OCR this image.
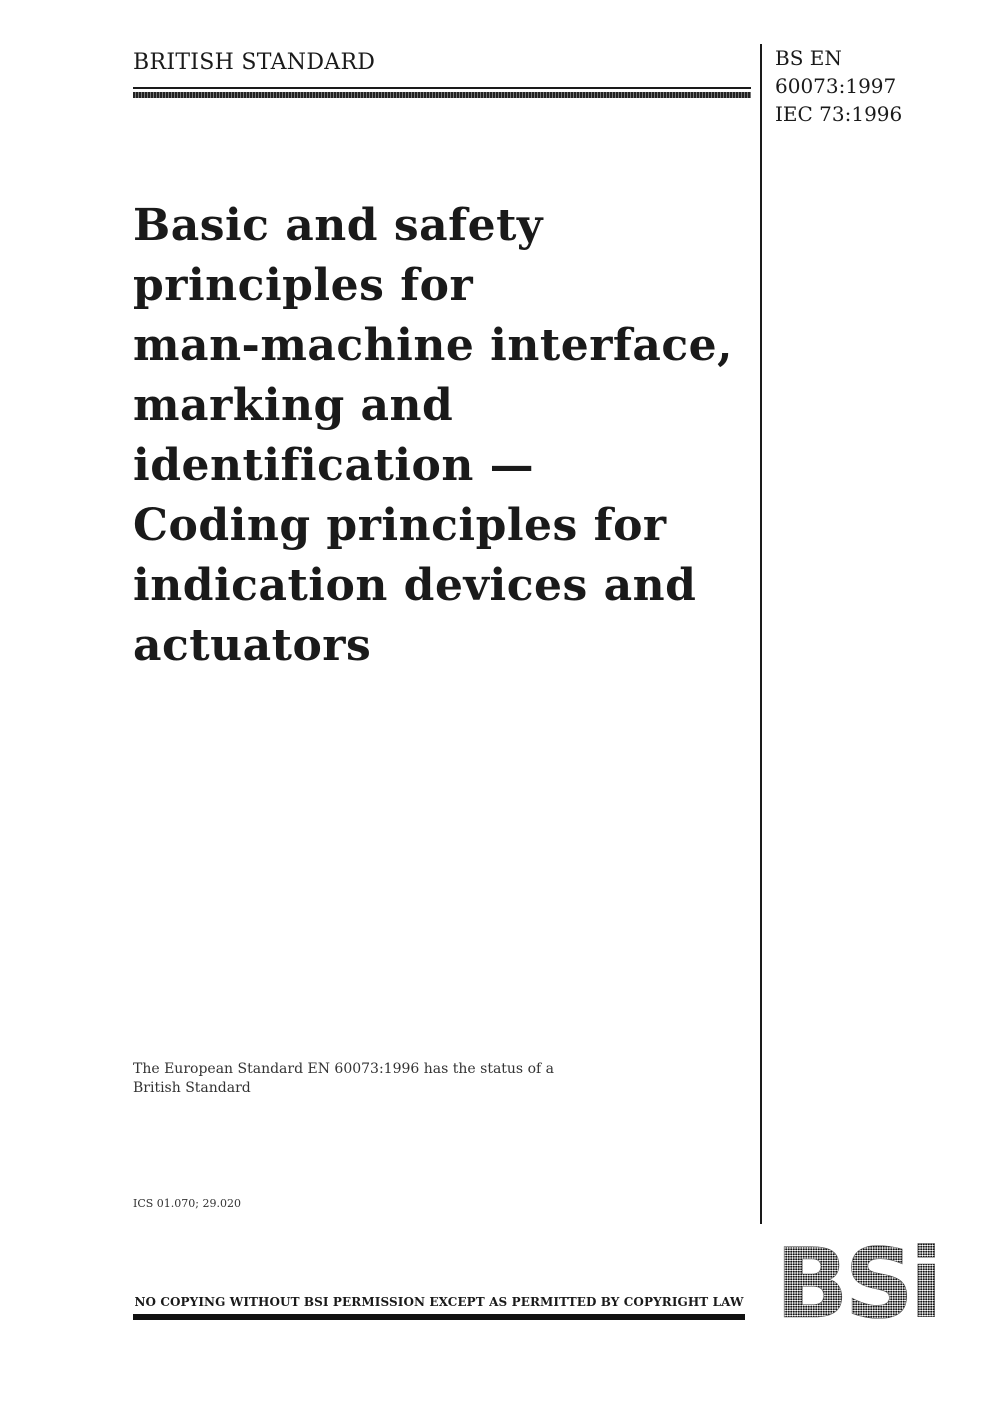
BRITISH STANDARD	BS EN
60073:1997
IEC 73:1996
Basic and safety
principles for
man-machine interface,
marking and
identification —
Coding principles for
indication devices and
actuators
The European Standard EN 60073:1996 has the status of a
British Standard
ICS 01.070; 29.020
NO COPYING WITHOUT BSI PERMISSION EXCEPT AS PERMITTED BY COPYRIGHT LAW BSi
